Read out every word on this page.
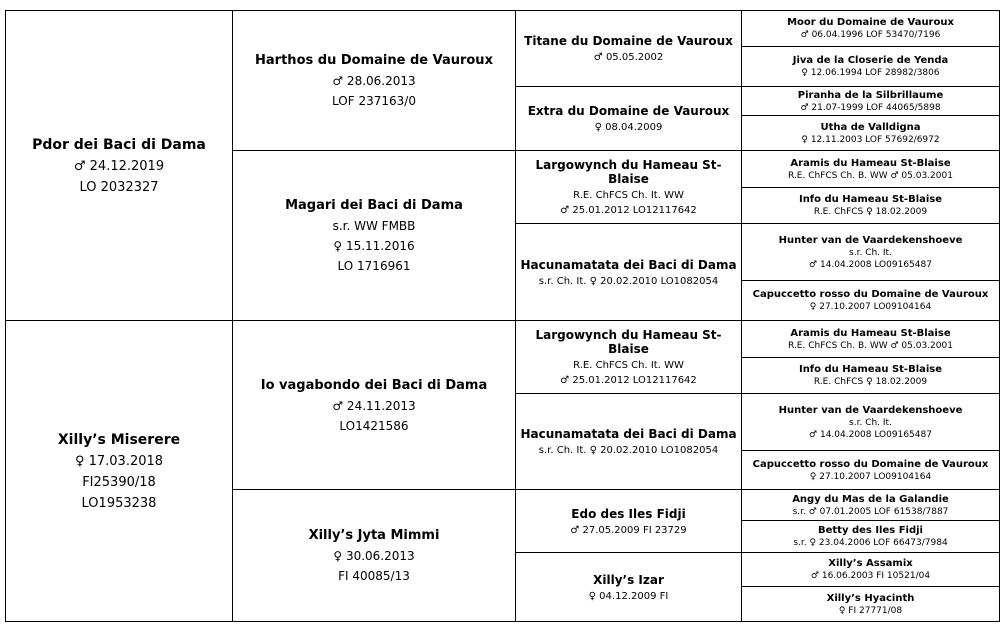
Pdor dei Baci di Dama
♂ 24.12.2019
LO 2032327
Xilly’s Miserere
♀ 17.03.2018
FI25390/18
LO1953238
Harthos du Domaine de Vauroux
♂ 28.06.2013
LOF 237163/0
Magari dei Baci di Dama
s.r. WW FMBB
♀ 15.11.2016
LO 1716961
Io vagabondo dei Baci di Dama
♂ 24.11.2013
LO1421586
Xilly’s Jyta Mimmi
♀ 30.06.2013
FI 40085/13
Titane du Domaine de Vauroux
♂ 05.05.2002
Extra du Domaine de Vauroux
♀ 08.04.2009
Largowynch du Hameau St-Blaise
R.E. ChFCS Ch. It. WW
♂ 25.01.2012 LO12117642
Hacunamatata dei Baci di Dama
s.r. Ch. It. ♀ 20.02.2010 LO1082054
Largowynch du Hameau St-Blaise
R.E. ChFCS Ch. It. WW
♂ 25.01.2012 LO12117642
Hacunamatata dei Baci di Dama
s.r. Ch. It. ♀ 20.02.2010 LO1082054
Edo des Iles Fidji
♂ 27.05.2009 FI 23729
Xilly’s Izar
♀ 04.12.2009 FI
Moor du Domaine de Vauroux
♂ 06.04.1996 LOF 53470/7196
Jiva de la Closerie de Yenda
♀ 12.06.1994 LOF 28982/3806
Piranha de la Silbrillaume
♂ 21.07-1999 LOF 44065/5898
Utha de Valldigna
♀ 12.11.2003 LOF 57692/6972
Aramis du Hameau St-Blaise
R.E. ChFCS Ch. B. WW ♂ 05.03.2001
Info du Hameau St-Blaise
R.E. ChFCS ♀ 18.02.2009
Hunter van de Vaardekenshoeve
s.r. Ch. It.
♂ 14.04.2008 LO09165487
Capuccetto rosso du Domaine de Vauroux
♀ 27.10.2007 LO09104164
Aramis du Hameau St-Blaise
R.E. ChFCS Ch. B. WW ♂ 05.03.2001
Info du Hameau St-Blaise
R.E. ChFCS ♀ 18.02.2009
Hunter van de Vaardekenshoeve
s.r. Ch. It.
♂ 14.04.2008 LO09165487
Capuccetto rosso du Domaine de Vauroux
♀ 27.10.2007 LO09104164
Angy du Mas de la Galandie
s.r. ♂ 07.01.2005 LOF 61538/7887
Betty des Iles Fidji
s.r. ♀ 23.04.2006 LOF 66473/7984
Xilly’s Assamix
♂ 16.06.2003 FI 10521/04
Xilly’s Hyacinth
♀ FI 27771/08
